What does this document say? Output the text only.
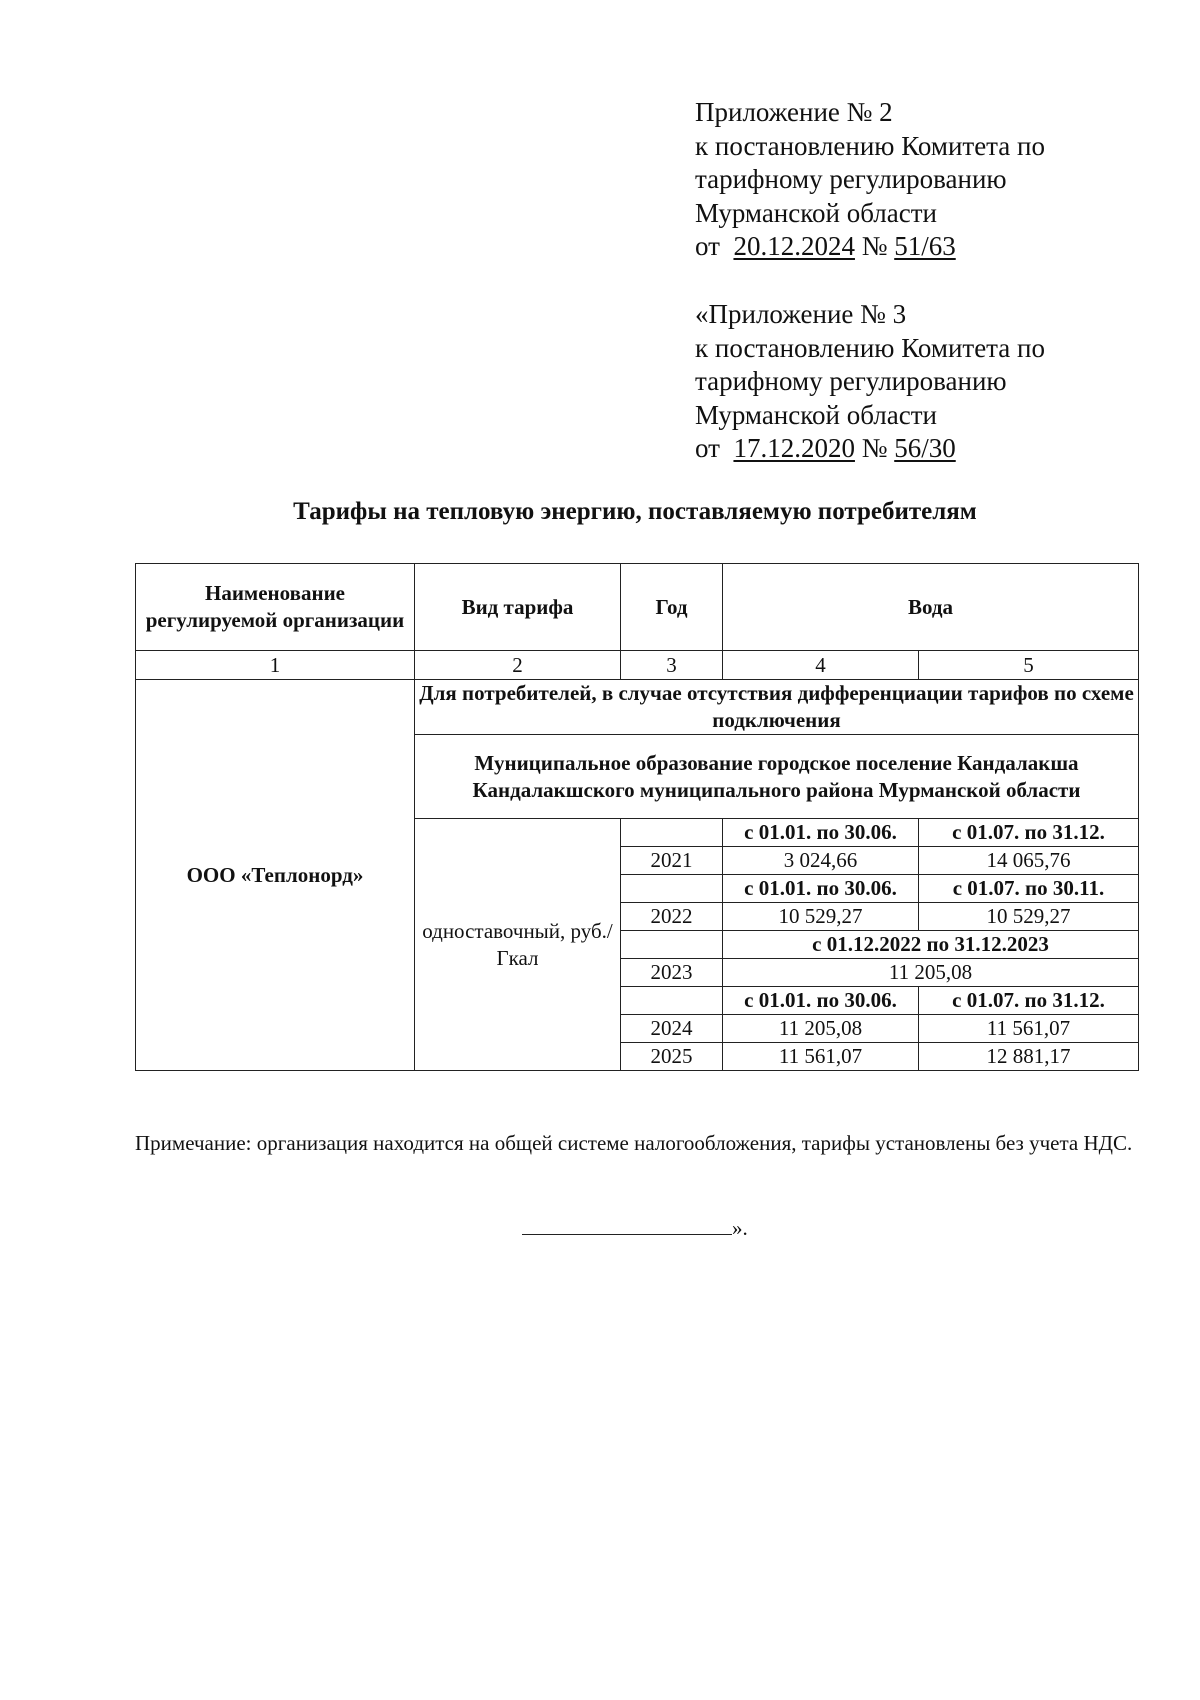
Приложение № 2
к постановлению Комитета по
тарифному регулированию
Мурманской области
от 20.12.2024 № 51/63
«Приложение № 3
к постановлению Комитета по
тарифному регулированию
Мурманской области
от 17.12.2020 № 56/30
Тарифы на тепловую энергию, поставляемую потребителям
Наименование регулируемой организации	Вид тарифа	Год	Вода	
1	2	3	4	5
ООО «Теплонорд»	Для потребителей, в случае отсутствия дифференциации тарифов по схеме подключения			
	Муниципальное образование городское поселение Кандалакша Кандалакшского муниципального района Мурманской области			
	одноставочный, руб./Гкал		с 01.01. по 30.06.	с 01.07. по 31.12.
		2021	3 024,66	14 065,76
			с 01.01. по 30.06.	с 01.07. по 30.11.
		2022	10 529,27	10 529,27
			с 01.12.2022 по 31.12.2023	
		2023	11 205,08	
			с 01.01. по 30.06.	с 01.07. по 31.12.
		2024	11 205,08	11 561,07
		2025	11 561,07	12 881,17
Примечание: организация находится на общей системе налогообложения, тарифы установлены без учета НДС.
».
